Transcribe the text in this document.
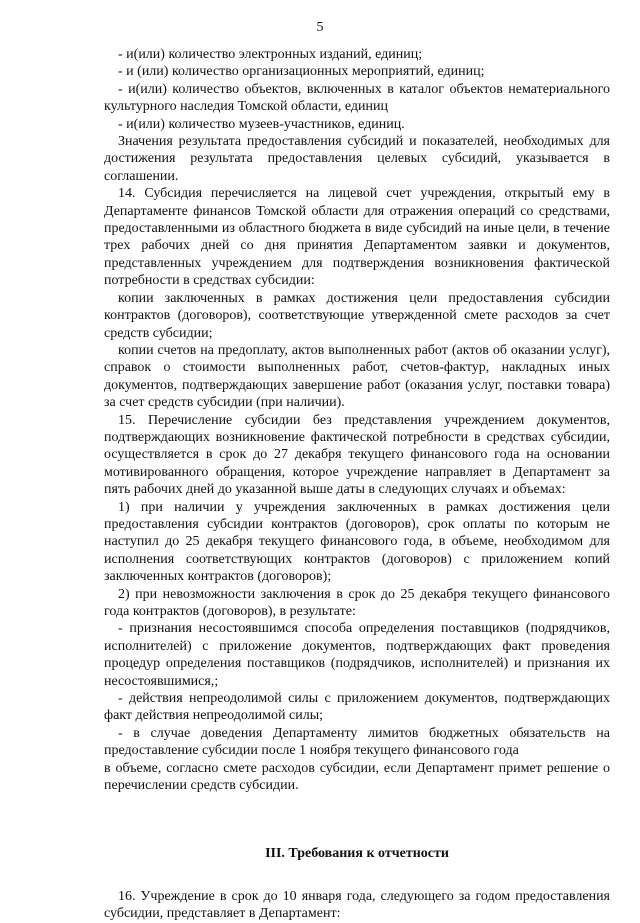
5

- и(или) количество электронных изданий, единиц;

- и (или) количество организационных мероприятий, единиц;

- и(или) количество объектов, включенных в каталог объектов нематериального культурного наследия Томской области, единиц

- и(или) количество музеев-участников, единиц.

Значения результата предоставления субсидий и показателей, необходимых для достижения результата предоставления целевых субсидий, указывается в соглашении.

14. Субсидия перечисляется на лицевой счет учреждения, открытый ему в Департаменте финансов Томской области для отражения операций со средствами, предоставленными из областного бюджета в виде субсидий на иные цели, в течение трех рабочих дней со дня принятия Департаментом заявки и документов, представленных учреждением для подтверждения возникновения фактической потребности в средствах субсидии:

копии заключенных в рамках достижения цели предоставления субсидии контрактов (договоров), соответствующие утвержденной смете расходов за счет средств субсидии;

копии счетов на предоплату, актов выполненных работ (актов об оказании услуг), справок о стоимости выполненных работ, счетов-фактур, накладных иных документов, подтверждающих завершение работ (оказания услуг, поставки товара) за счет средств субсидии (при наличии).

15. Перечисление субсидии без представления учреждением документов, подтверждающих возникновение фактической потребности в средствах субсидии, осуществляется в срок до 27 декабря текущего финансового года на основании мотивированного обращения, которое учреждение направляет в Департамент за пять рабочих дней до указанной выше даты в следующих случаях и объемах:

1) при наличии у учреждения заключенных в рамках достижения цели предоставления субсидии контрактов (договоров), срок оплаты по которым не наступил до 25 декабря текущего финансового года, в объеме, необходимом для исполнения соответствующих контрактов (договоров) с приложением копий заключенных контрактов (договоров);

2) при невозможности заключения в срок до 25 декабря текущего финансового года контрактов (договоров), в результате:

- признания несостоявшимся способа определения поставщиков (подрядчиков, исполнителей) с приложение документов, подтверждающих факт проведения процедур определения поставщиков (подрядчиков, исполнителей) и признания их несостоявшимися,;

- действия непреодолимой силы с приложением документов, подтверждающих факт действия непреодолимой силы;

- в случае доведения Департаменту лимитов бюджетных обязательств на предоставление субсидии после 1 ноября текущего финансового года

в объеме, согласно смете расходов субсидии, если Департамент примет решение о перечислении средств субсидии.

III. Требования к отчетности

16. Учреждение в срок до 10 января года, следующего за годом предоставления субсидии, представляет в Департамент:
